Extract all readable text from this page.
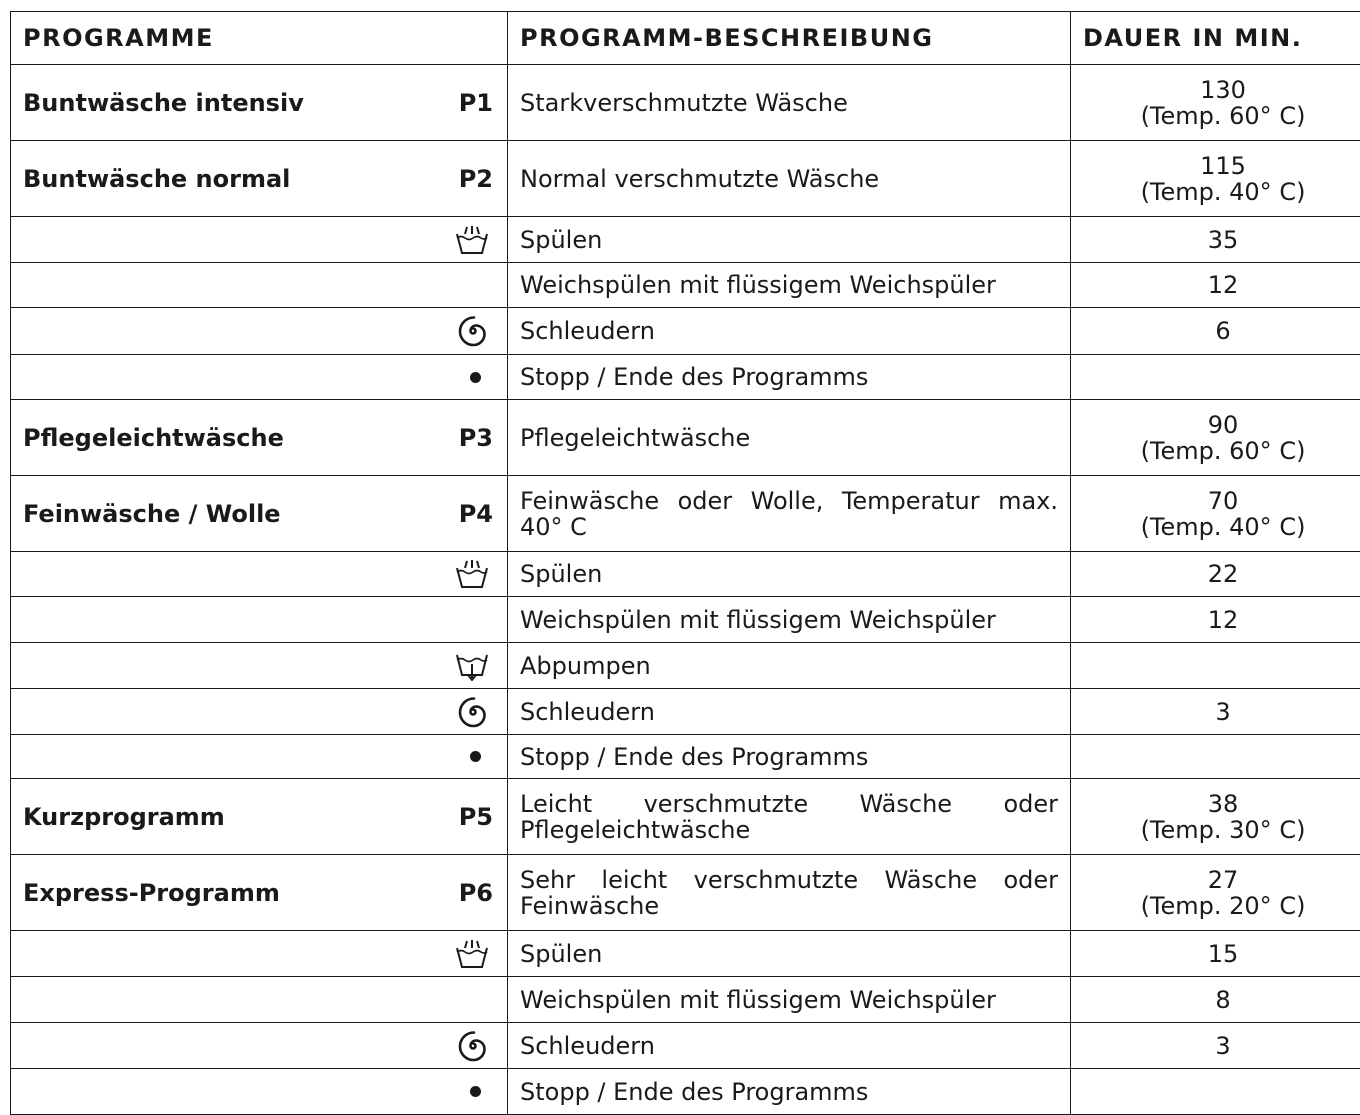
PROGRAMME	PROGRAMM-BESCHREIBUNG	DAUER IN MIN.

Buntwäsche intensiv P1	Starkverschmutzte Wäsche	130
(Temp. 60° C)

Buntwäsche normal P2	Normal verschmutzte Wäsche	115
(Temp. 40° C)

	Spülen	35
	Weichspülen mit flüssigem Weichspüler	12

	Schleudern	6

	Stopp / Ende des Programms	

Pflegeleichtwäsche P3	Pflegeleichtwäsche	90
(Temp. 60° C)

Feinwäsche / Wolle P4	Feinwäsche oder Wolle, Temperatur max. 40° C	70
(Temp. 40° C)

	Spülen	22
	Weichspülen mit flüssigem Weichspüler	12

	Abpumpen	

	Schleudern	3

	Stopp / Ende des Programms	

Kurzprogramm P5	Leicht verschmutzte Wäsche oder Pflegeleichtwäsche	38
(Temp. 30° C)

Express-Programm P6	Sehr leicht verschmutzte Wäsche oder Feinwäsche	27
(Temp. 20° C)

	Spülen	15
	Weichspülen mit flüssigem Weichspüler	8

	Schleudern	3

	Stopp / Ende des Programms	
